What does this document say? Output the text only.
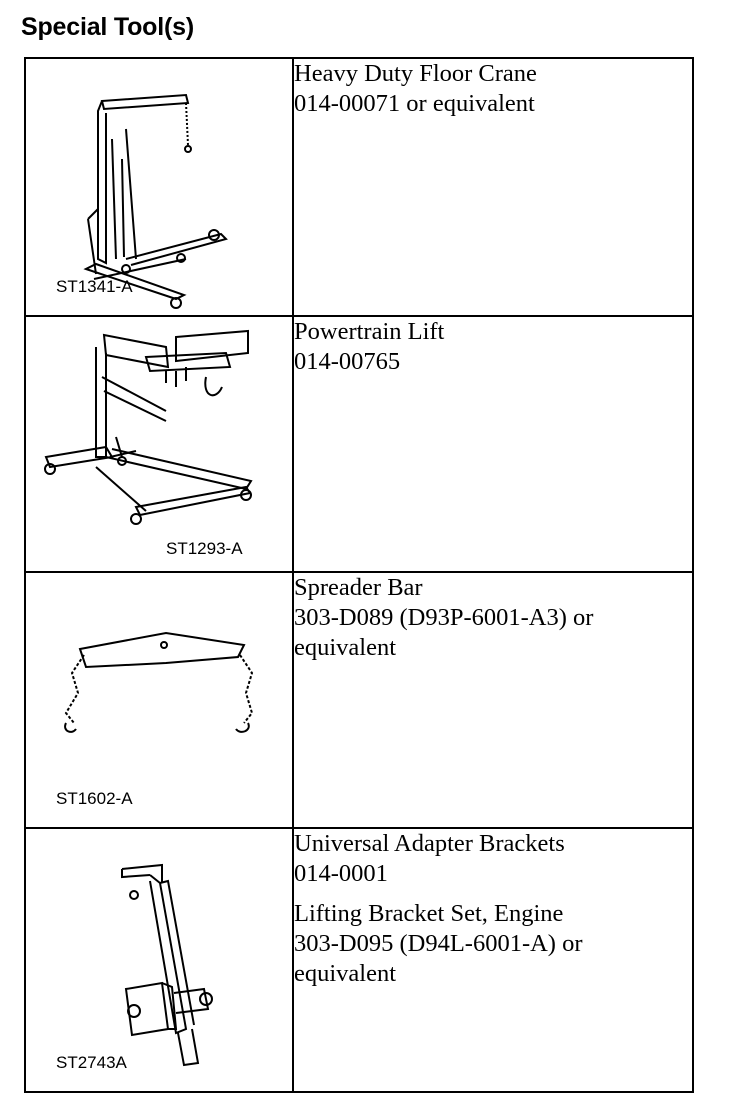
Special Tool(s)
ST1341-A	Heavy Duty Floor Crane
014-00071 or equivalent

ST1293-A	Powertrain Lift
014-00765

ST1602-A	Spreader Bar
303-D089 (D93P-6001-A3) or
equivalent

ST2743A	Universal Adapter Brackets
014-0001
Lifting Bracket Set, Engine
303-D095 (D94L-6001-A) or
equivalent
